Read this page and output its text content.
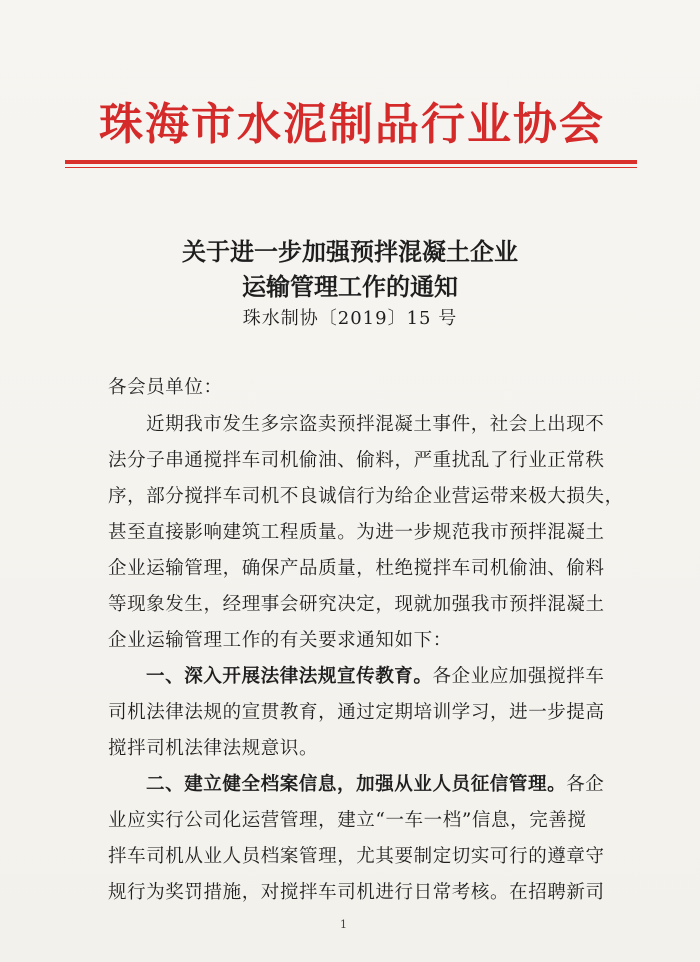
珠海市水泥制品行业协会
关于进一步加强预拌混凝土企业
运输管理工作的通知
珠水制协〔2019〕15 号
各会员单位：
近期我市发生多宗盗卖预拌混凝土事件，社会上出现不
法分子串通搅拌车司机偷油、偷料，严重扰乱了行业正常秩
序，部分搅拌车司机不良诚信行为给企业营运带来极大损失，
甚至直接影响建筑工程质量。为进一步规范我市预拌混凝土
企业运输管理，确保产品质量，杜绝搅拌车司机偷油、偷料
等现象发生，经理事会研究决定，现就加强我市预拌混凝土
企业运输管理工作的有关要求通知如下：
一、深入开展法律法规宣传教育。各企业应加强搅拌车
司机法律法规的宣贯教育，通过定期培训学习，进一步提高
搅拌司机法律法规意识。
二、建立健全档案信息，加强从业人员征信管理。各企
业应实行公司化运营管理，建立“一车一档”信息，完善搅
拌车司机从业人员档案管理，尤其要制定切实可行的遵章守
规行为奖罚措施，对搅拌车司机进行日常考核。在招聘新司
1
